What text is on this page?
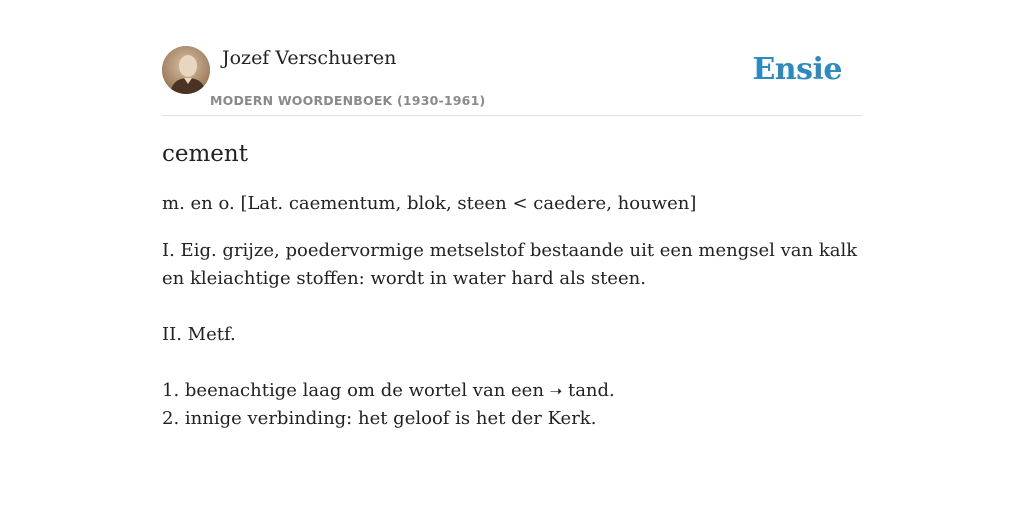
Jozef Verschueren
MODERN WOORDENBOEK (1930-1961)
Ensie
cement

m. en o. [Lat. caementum, blok, steen < caedere, houwen]

I. Eig. grijze, poedervormige metselstof bestaande uit een mengsel van kalk en kleiachtige stoffen: wordt in water hard als steen.

II. Metf.

1. beenachtige laag om de wortel van een ➝ tand.

2. innige verbinding: het geloof is het der Kerk.
